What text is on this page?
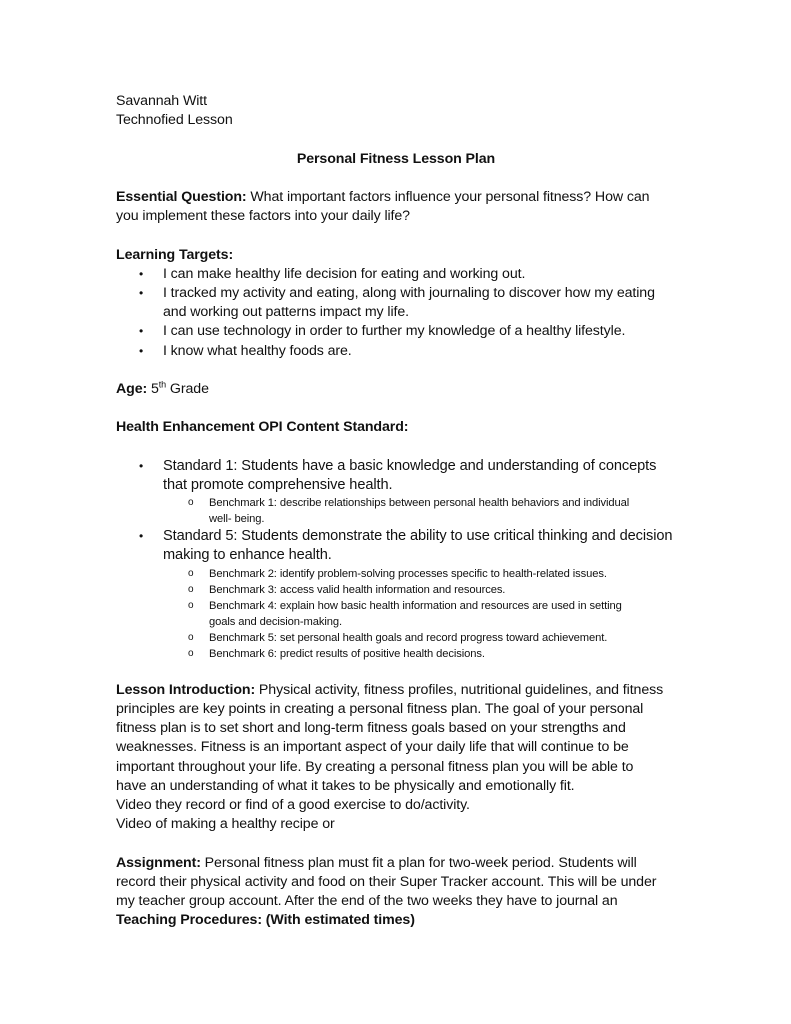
Savannah Witt
Technofied Lesson
Personal Fitness Lesson Plan
Essential Question: What important factors influence your personal fitness? How can
you implement these factors into your daily life?
Learning Targets:
• I can make healthy life decision for eating and working out.
• I tracked my activity and eating, along with journaling to discover how my eating
and working out patterns impact my life.
• I can use technology in order to further my knowledge of a healthy lifestyle.
• I know what healthy foods are.
Age: 5th Grade
Health Enhancement OPI Content Standard:
• Standard 1: Students have a basic knowledge and understanding of concepts
that promote comprehensive health.
o Benchmark 1: describe relationships between personal health behaviors and individual
well- being.
• Standard 5: Students demonstrate the ability to use critical thinking and decision
making to enhance health.
o Benchmark 2: identify problem-solving processes specific to health-related issues.
o Benchmark 3: access valid health information and resources.
o Benchmark 4: explain how basic health information and resources are used in setting
goals and decision-making.
o Benchmark 5: set personal health goals and record progress toward achievement.
o Benchmark 6: predict results of positive health decisions.
Lesson Introduction: Physical activity, fitness profiles, nutritional guidelines, and fitness
principles are key points in creating a personal fitness plan. The goal of your personal
fitness plan is to set short and long-term fitness goals based on your strengths and
weaknesses. Fitness is an important aspect of your daily life that will continue to be
important throughout your life. By creating a personal fitness plan you will be able to
have an understanding of what it takes to be physically and emotionally fit.
Video they record or find of a good exercise to do/activity.
Video of making a healthy recipe or
Assignment: Personal fitness plan must fit a plan for two-week period. Students will
record their physical activity and food on their Super Tracker account. This will be under
my teacher group account. After the end of the two weeks they have to journal an
Teaching Procedures: (With estimated times)
